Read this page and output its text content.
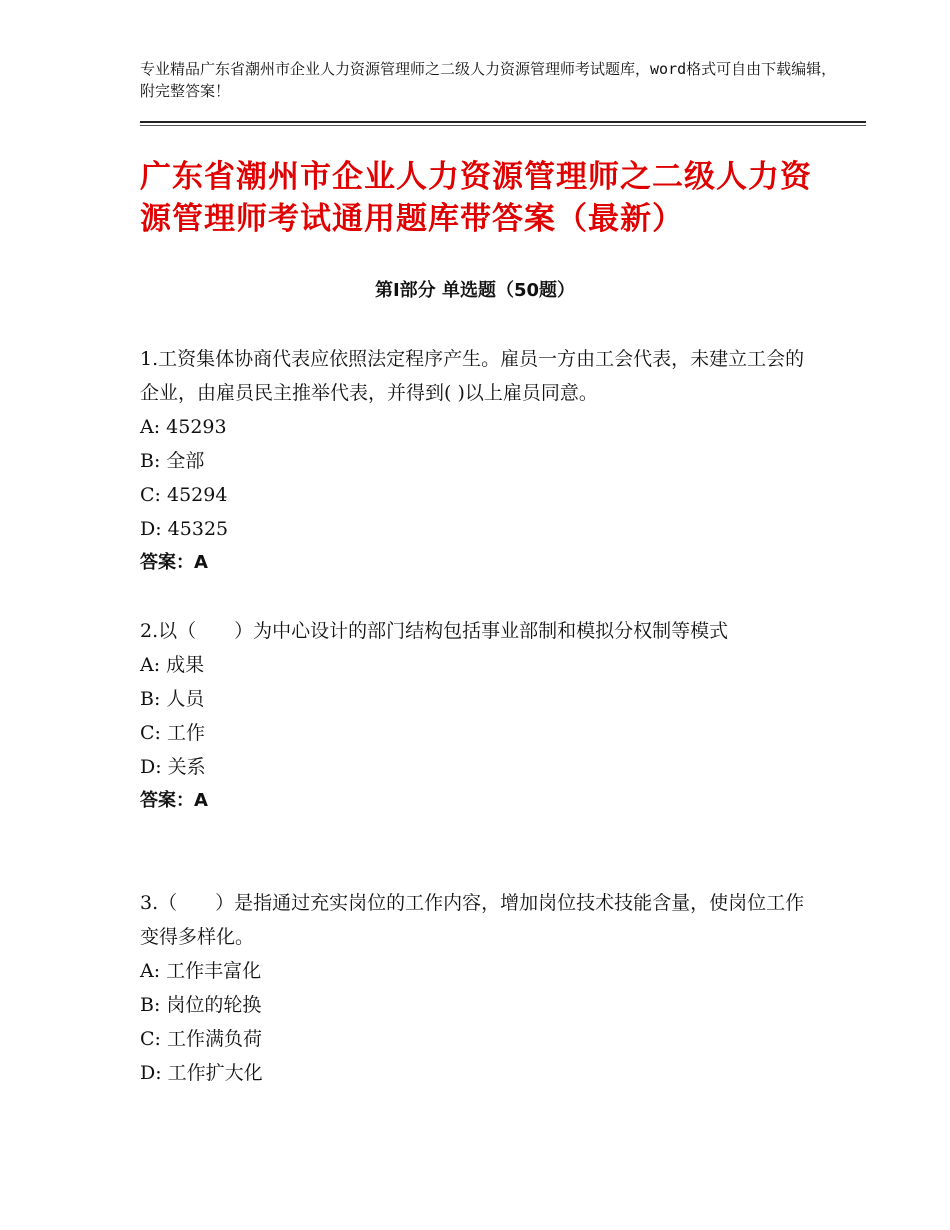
专业精品广东省潮州市企业人力资源管理师之二级人力资源管理师考试题库，word格式可自由下载编辑，附完整答案！
广东省潮州市企业人力资源管理师之二级人力资源管理师考试通用题库带答案（最新）
第Ⅰ部分 单选题（50题）
1.工资集体协商代表应依照法定程序产生。雇员一方由工会代表，未建立工会的企业，由雇员民主推举代表，并得到( )以上雇员同意。
A: 45293
B: 全部
C: 45294
D: 45325
答案：A
2.以（　　）为中心设计的部门结构包括事业部制和模拟分权制等模式
A: 成果
B: 人员
C: 工作
D: 关系
答案：A
3.（　　）是指通过充实岗位的工作内容，增加岗位技术技能含量，使岗位工作变得多样化。
A: 工作丰富化
B: 岗位的轮换
C: 工作满负荷
D: 工作扩大化
